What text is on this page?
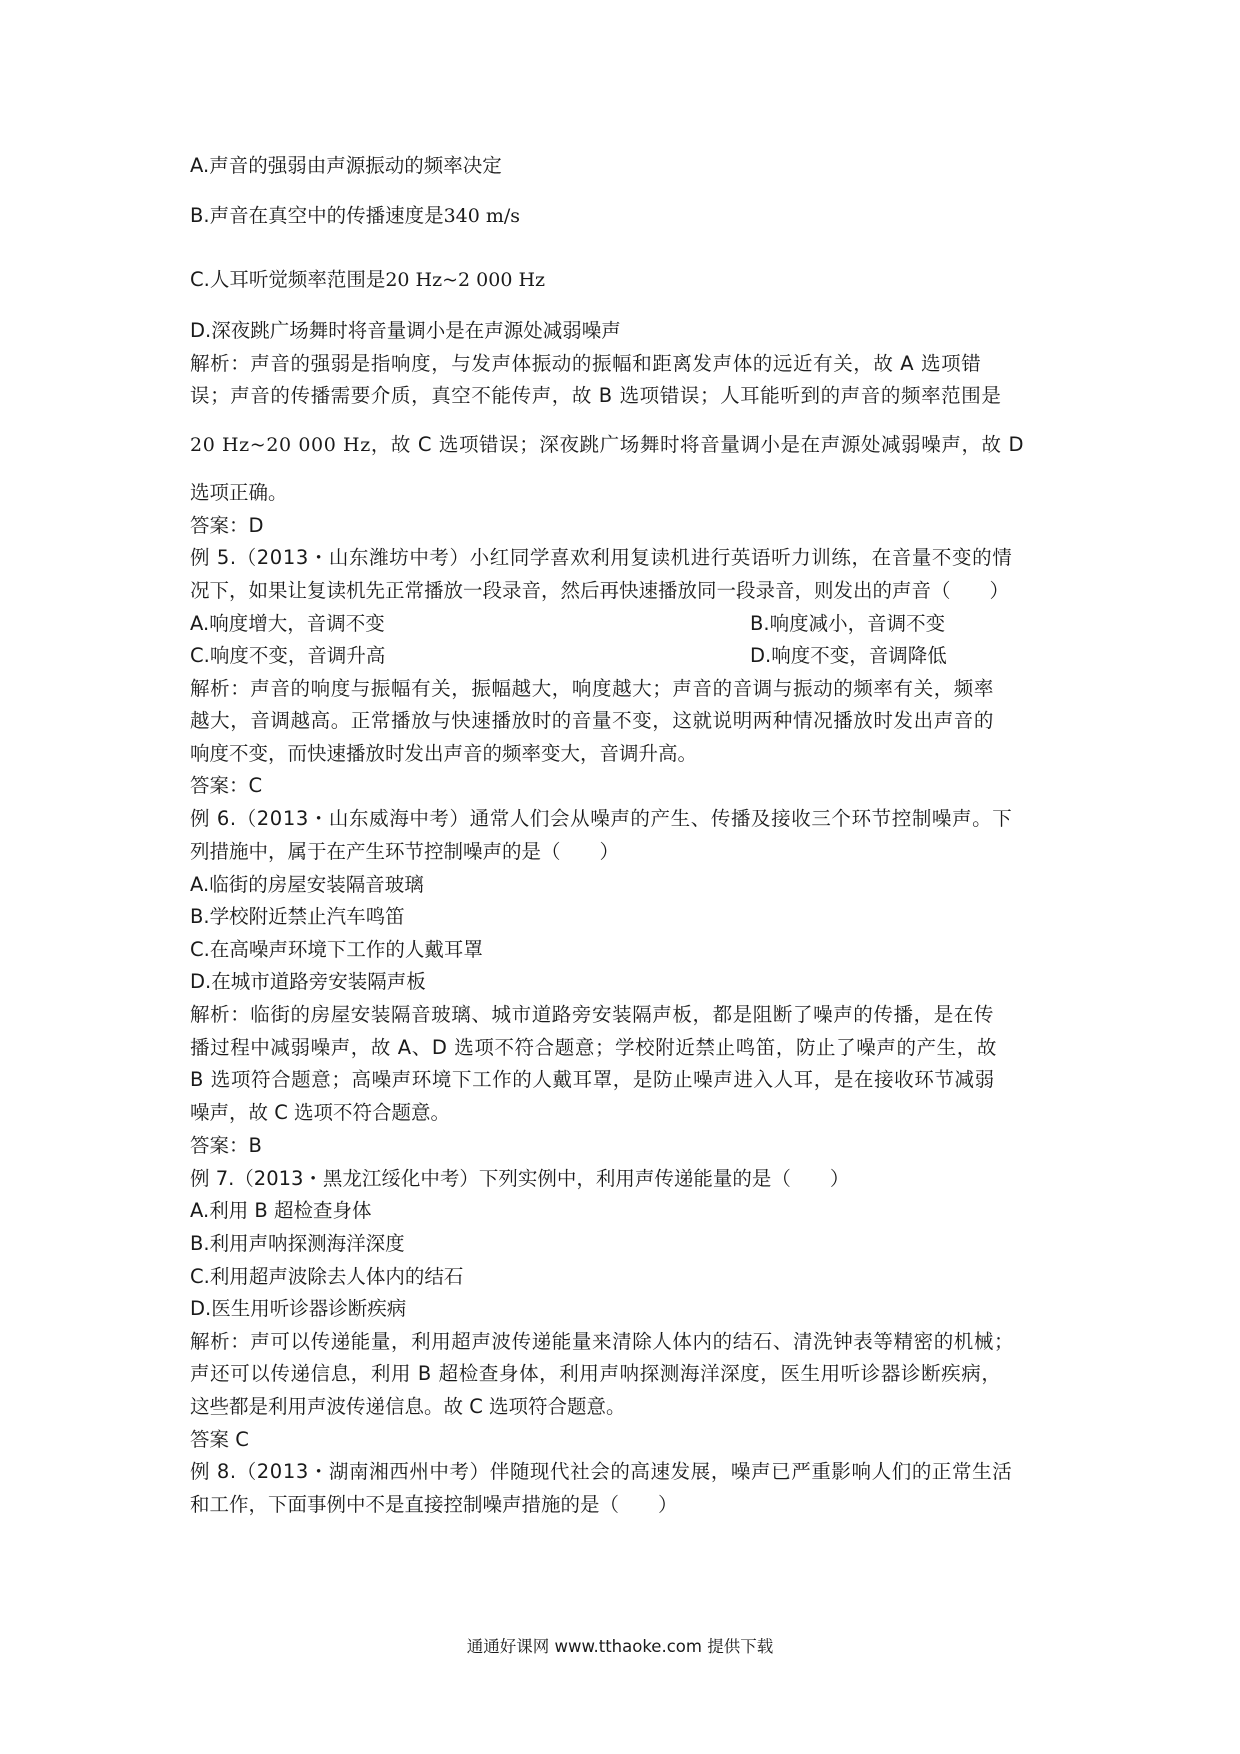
A.声音的强弱由声源振动的频率决定
B.声音在真空中的传播速度是340 m/s
C.人耳听觉频率范围是20 Hz~2 000 Hz
D.深夜跳广场舞时将音量调小是在声源处减弱噪声
解析：声音的强弱是指响度，与发声体振动的振幅和距离发声体的远近有关，故 A 选项错
误；声音的传播需要介质，真空不能传声，故 B 选项错误；人耳能听到的声音的频率范围是
20 Hz~20 000 Hz，故 C 选项错误；深夜跳广场舞时将音量调小是在声源处减弱噪声，故 D
选项正确。
答案：D
例 5.（2013・山东潍坊中考）小红同学喜欢利用复读机进行英语听力训练，在音量不变的情
况下，如果让复读机先正常播放一段录音，然后再快速播放同一段录音，则发出的声音（　　）
A.响度增大，音调不变	B.响度减小，音调不变
C.响度不变，音调升高	D.响度不变，音调降低
解析：声音的响度与振幅有关，振幅越大，响度越大；声音的音调与振动的频率有关，频率
越大，音调越高。正常播放与快速播放时的音量不变，这就说明两种情况播放时发出声音的
响度不变，而快速播放时发出声音的频率变大，音调升高。
答案：C
例 6.（2013・山东威海中考）通常人们会从噪声的产生、传播及接收三个环节控制噪声。下
列措施中，属于在产生环节控制噪声的是（　　）
A.临街的房屋安装隔音玻璃
B.学校附近禁止汽车鸣笛
C.在高噪声环境下工作的人戴耳罩
D.在城市道路旁安装隔声板
解析：临街的房屋安装隔音玻璃、城市道路旁安装隔声板，都是阻断了噪声的传播，是在传
播过程中减弱噪声，故 A、D 选项不符合题意；学校附近禁止鸣笛，防止了噪声的产生，故
B 选项符合题意；高噪声环境下工作的人戴耳罩，是防止噪声进入人耳，是在接收环节减弱
噪声，故 C 选项不符合题意。
答案：B
例 7.（2013・黑龙江绥化中考）下列实例中，利用声传递能量的是（　　）
A.利用 B 超检查身体
B.利用声呐探测海洋深度
C.利用超声波除去人体内的结石
D.医生用听诊器诊断疾病
解析：声可以传递能量，利用超声波传递能量来清除人体内的结石、清洗钟表等精密的机械；
声还可以传递信息，利用 B 超检查身体，利用声呐探测海洋深度，医生用听诊器诊断疾病，
这些都是利用声波传递信息。故 C 选项符合题意。
答案 C
例 8.（2013・湖南湘西州中考）伴随现代社会的高速发展，噪声已严重影响人们的正常生活
和工作，下面事例中不是直接控制噪声措施的是（　　）
通通好课网 www.tthaoke.com 提供下载
